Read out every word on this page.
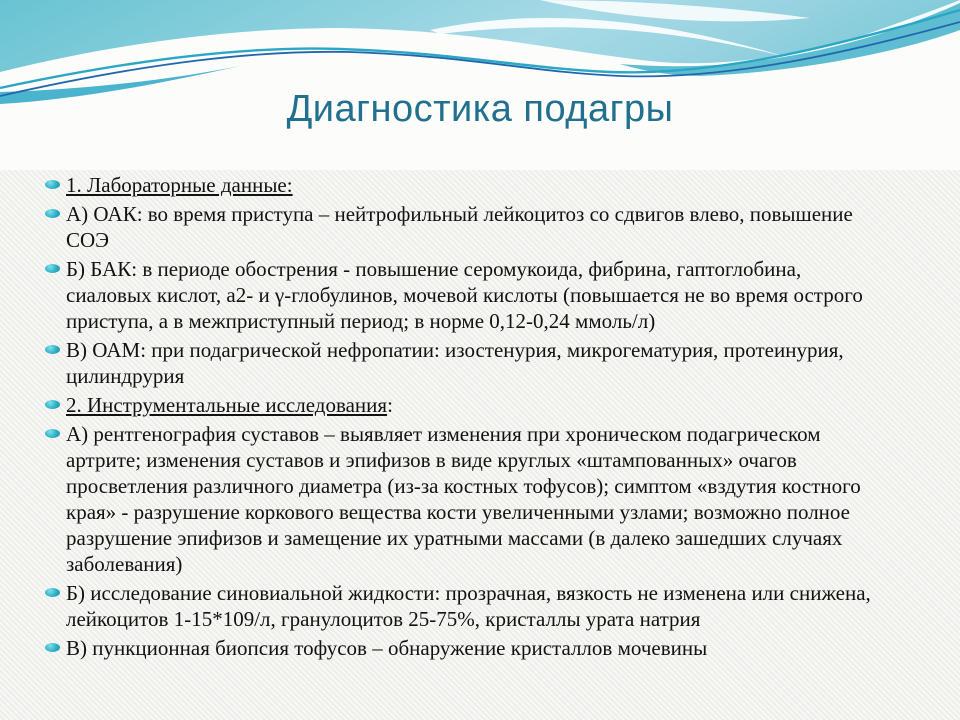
Диагностика подагры
1. Лабораторные данные:
А) ОАК: во время приступа – нейтрофильный лейкоцитоз со сдвигов влево, повышение СОЭ
Б) БАК: в периоде обострения - повышение серомукоида, фибрина, гаптоглобина, сиаловых кислот, а2- и γ-глобулинов, мочевой кислоты (повышается не во время острого приступа, а в межприступный период; в норме 0,12-0,24 ммоль/л)
В) ОАМ: при подагрической нефропатии: изостенурия, микрогематурия, протеинурия, цилиндрурия
2. Инструментальные исследования:
А) рентгенография суставов – выявляет изменения при хроническом подагрическом артрите; изменения суставов и эпифизов в виде круглых «штампованных» очагов просветления различного диаметра (из-за костных тофусов); симптом «вздутия костного края» - разрушение коркового вещества кости увеличенными узлами; возможно полное разрушение эпифизов и замещение их уратными массами (в далеко зашедших случаях заболевания)
Б) исследование синовиальной жидкости: прозрачная, вязкость не изменена или снижена, лейкоцитов 1-15*109/л, гранулоцитов 25-75%, кристаллы урата натрия
В) пункционная биопсия тофусов – обнаружение кристаллов мочевины
